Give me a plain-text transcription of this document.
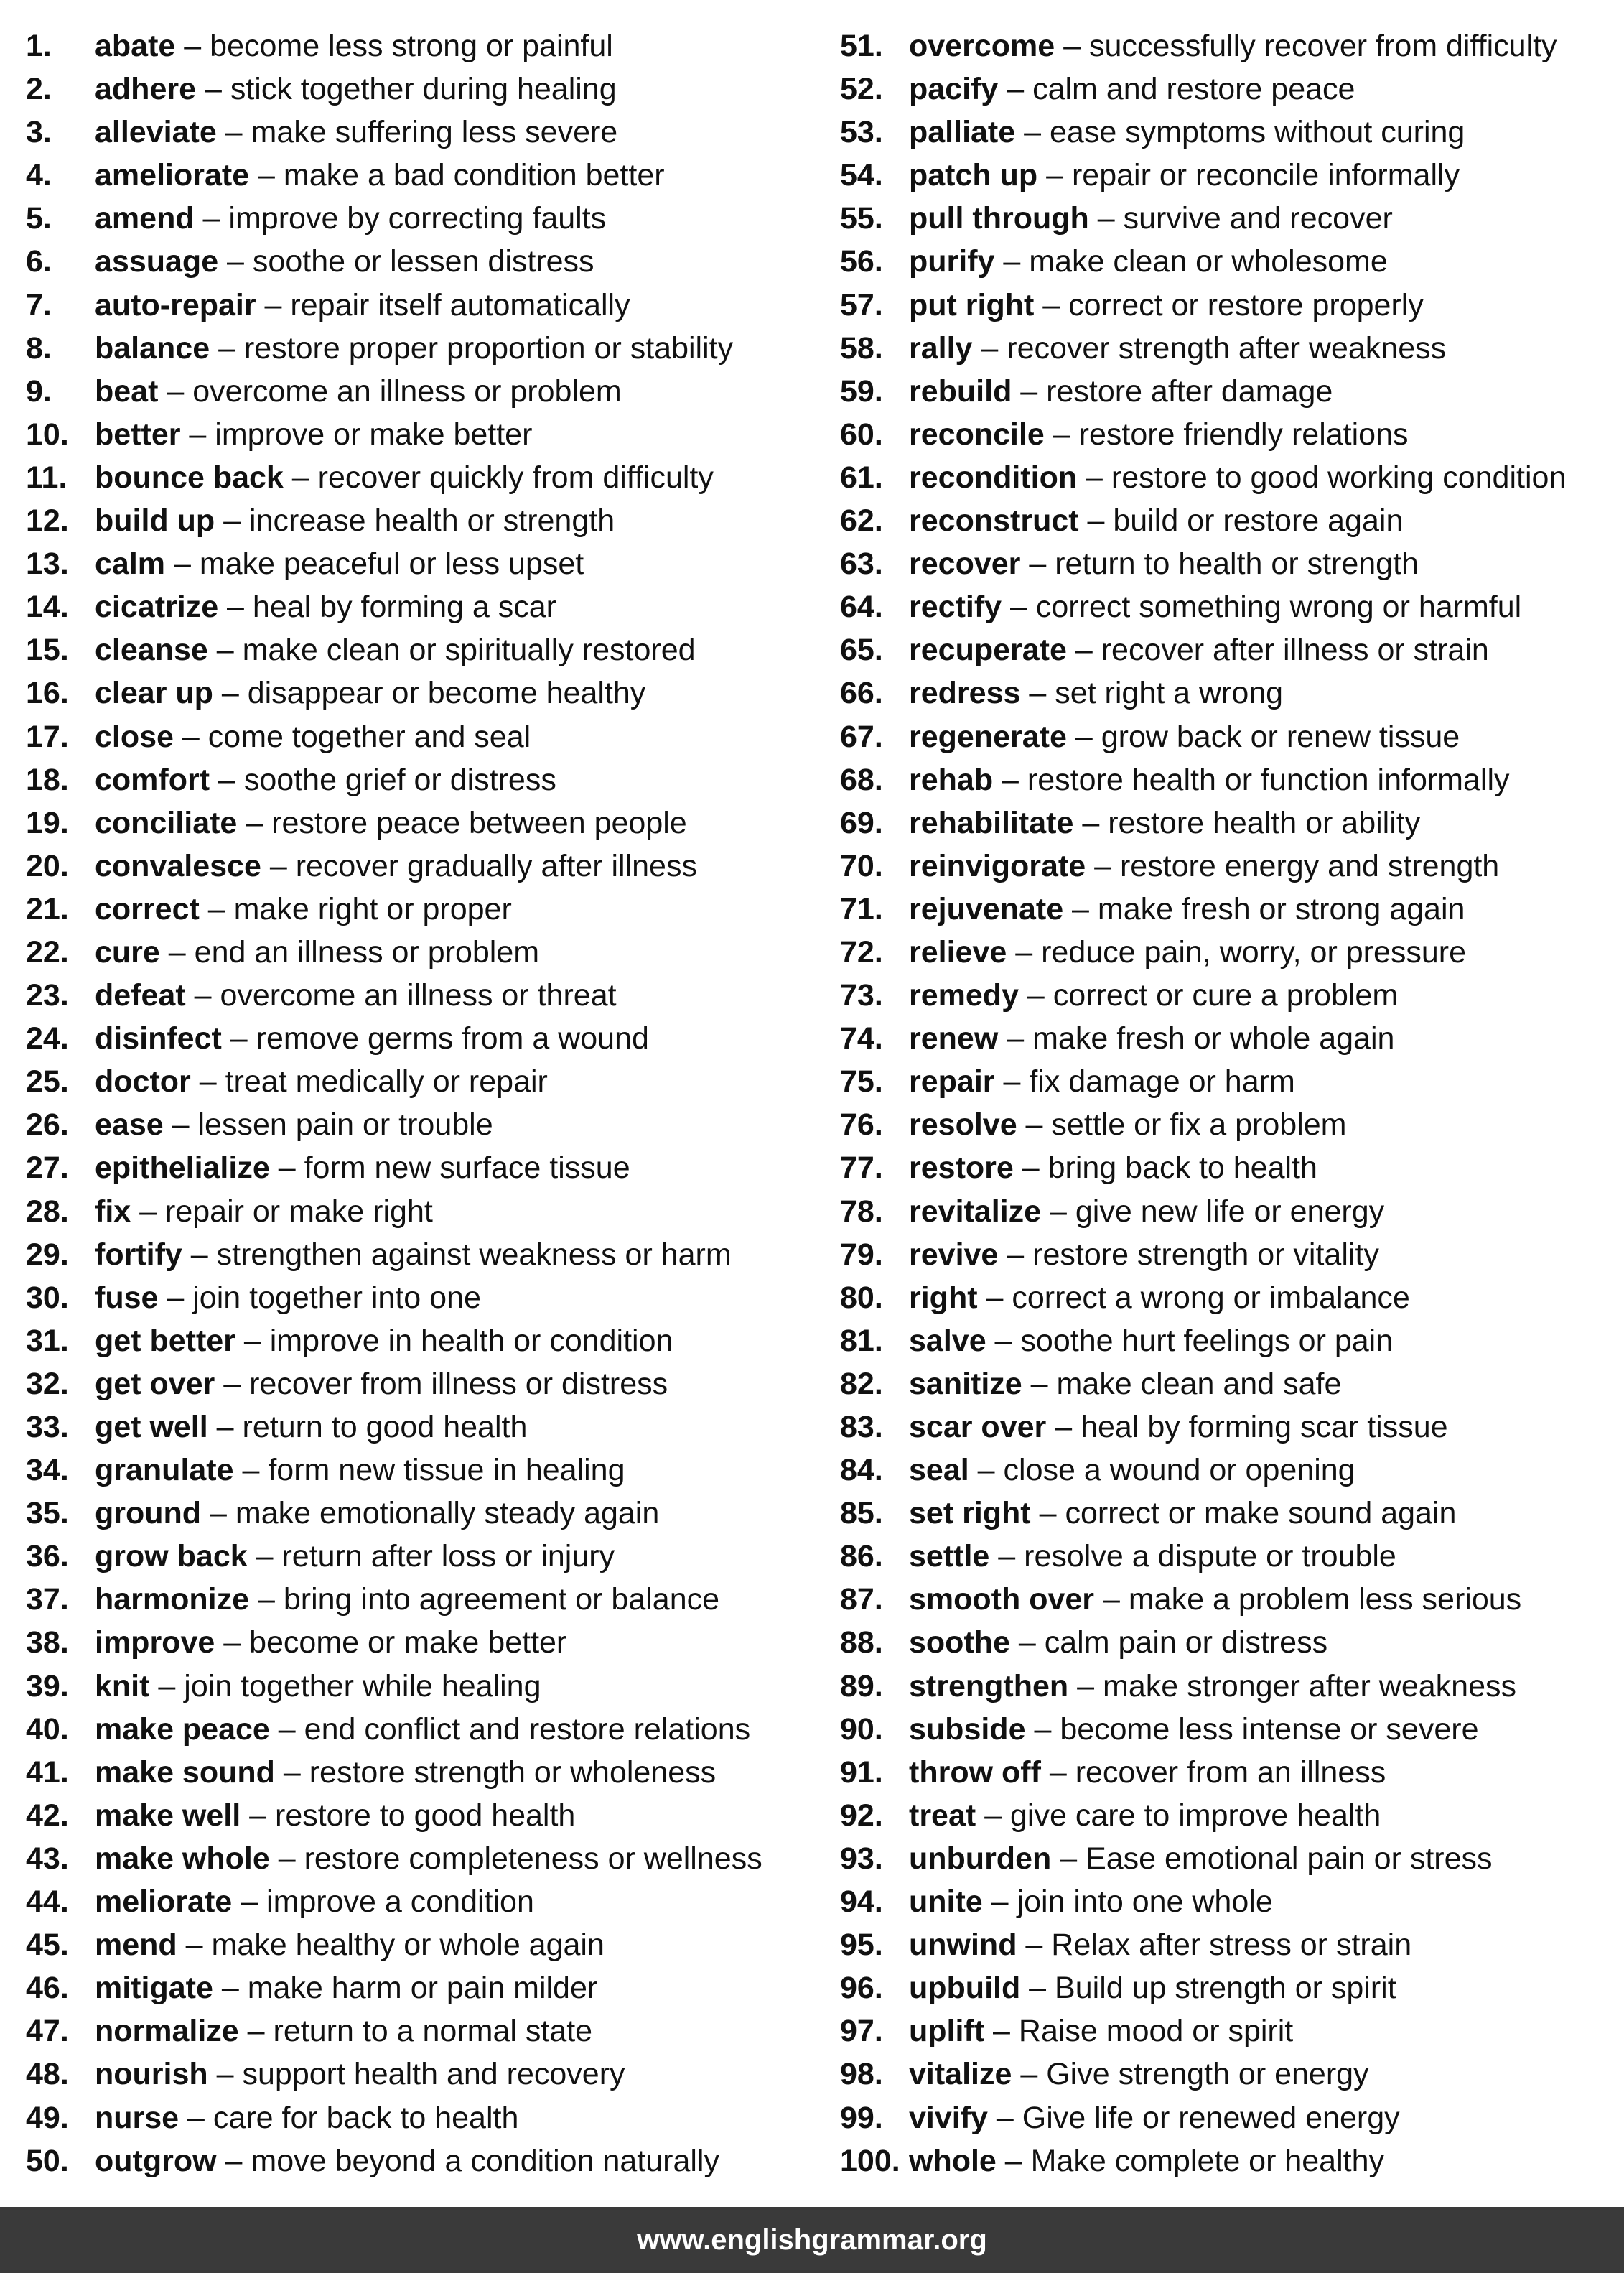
1.	abate – become less strong or painful
2.	adhere – stick together during healing
3.	alleviate – make suffering less severe
4.	ameliorate – make a bad condition better
5.	amend – improve by correcting faults
6.	assuage – soothe or lessen distress
7.	auto-repair – repair itself automatically
8.	balance – restore proper proportion or stability
9.	beat – overcome an illness or problem
10. better – improve or make better
11. bounce back – recover quickly from difficulty
12. build up – increase health or strength
13. calm – make peaceful or less upset
14. cicatrize – heal by forming a scar
15. cleanse – make clean or spiritually restored
16. clear up – disappear or become healthy
17. close – come together and seal
18. comfort – soothe grief or distress
19. conciliate – restore peace between people
20. convalesce – recover gradually after illness
21. correct – make right or proper
22. cure – end an illness or problem
23. defeat – overcome an illness or threat
24. disinfect – remove germs from a wound
25. doctor – treat medically or repair
26. ease – lessen pain or trouble
27. epithelialize – form new surface tissue
28. fix – repair or make right
29. fortify – strengthen against weakness or harm
30. fuse – join together into one
31. get better – improve in health or condition
32. get over – recover from illness or distress
33. get well – return to good health
34. granulate – form new tissue in healing
35. ground – make emotionally steady again
36. grow back – return after loss or injury
37. harmonize – bring into agreement or balance
38. improve – become or make better
39. knit – join together while healing
40. make peace – end conflict and restore relations
41. make sound – restore strength or wholeness
42. make well – restore to good health
43. make whole – restore completeness or wellness
44. meliorate – improve a condition
45. mend – make healthy or whole again
46. mitigate – make harm or pain milder
47. normalize – return to a normal state
48. nourish – support health and recovery
49. nurse – care for back to health
50. outgrow – move beyond a condition naturally
51. overcome – successfully recover from difficulty
52. pacify – calm and restore peace
53. palliate – ease symptoms without curing
54. patch up – repair or reconcile informally
55. pull through – survive and recover
56. purify – make clean or wholesome
57. put right – correct or restore properly
58. rally – recover strength after weakness
59. rebuild – restore after damage
60. reconcile – restore friendly relations
61. recondition – restore to good working condition
62. reconstruct – build or restore again
63. recover – return to health or strength
64. rectify – correct something wrong or harmful
65. recuperate – recover after illness or strain
66. redress – set right a wrong
67. regenerate – grow back or renew tissue
68. rehab – restore health or function informally
69. rehabilitate – restore health or ability
70. reinvigorate – restore energy and strength
71. rejuvenate – make fresh or strong again
72. relieve – reduce pain, worry, or pressure
73. remedy – correct or cure a problem
74. renew – make fresh or whole again
75. repair – fix damage or harm
76. resolve – settle or fix a problem
77. restore – bring back to health
78. revitalize – give new life or energy
79. revive – restore strength or vitality
80. right – correct a wrong or imbalance
81. salve – soothe hurt feelings or pain
82. sanitize – make clean and safe
83. scar over – heal by forming scar tissue
84. seal – close a wound or opening
85. set right – correct or make sound again
86. settle – resolve a dispute or trouble
87. smooth over – make a problem less serious
88. soothe – calm pain or distress
89. strengthen – make stronger after weakness
90. subside – become less intense or severe
91. throw off – recover from an illness
92. treat – give care to improve health
93. unburden – Ease emotional pain or stress
94. unite – join into one whole
95. unwind – Relax after stress or strain
96. upbuild – Build up strength or spirit
97. uplift – Raise mood or spirit
98. vitalize – Give strength or energy
99. vivify – Give life or renewed energy
100. whole – Make complete or healthy
www.englishgrammar.org
